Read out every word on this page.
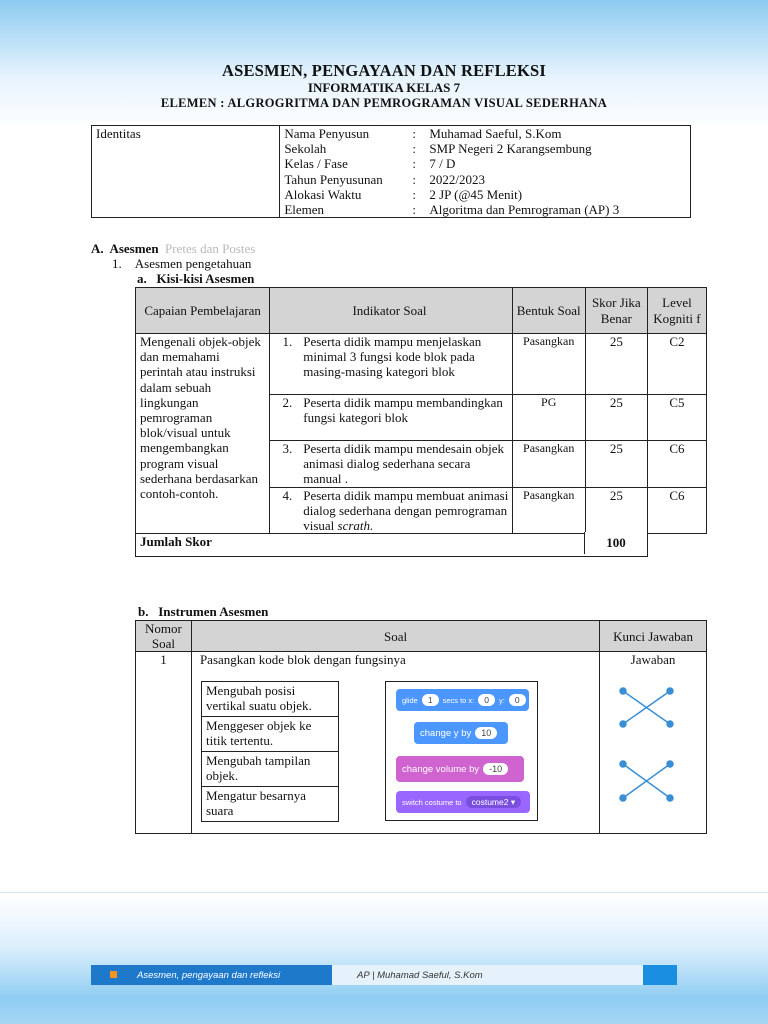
ASESMEN, PENGAYAAN DAN REFLEKSI
INFORMATIKA KELAS 7
ELEMEN : ALGROGRITMA DAN PEMROGRAMAN VISUAL SEDERHANA
Identitas	Nama Penyusun	:	Muhamad Saeful, S.Kom
Sekolah	:	SMP Negeri 2 Karangsembung
Kelas / Fase	:	7 / D
Tahun Penyusunan	:	2022/2023
Alokasi Waktu	:	2 JP (@45 Menit)
Elemen	:	Algoritma dan Pemrograman (AP) 3
A. Asesmen Pretes dan Postes
1. Asesmen pengetahuan
a. Kisi-kisi Asesmen
Capaian Pembelajaran	Indikator Soal	Bentuk Soal	Skor Jika Benar	Level Kogniti f
Mengenali objek-objek dan memahami perintah atau instruksi dalam sebuah lingkungan pemrograman blok/visual untuk mengembangkan program visual sederhana berdasarkan contoh-contoh.	1. Peserta didik mampu menjelaskan minimal 3 fungsi kode blok pada masing-masing kategori blok	Pasangkan	25	C2

	2. Peserta didik mampu membandingkan fungsi kategori blok	PG	25	C5

	3. Peserta didik mampu mendesain objek animasi dialog sederhana secara manual .	Pasangkan	25	C6

	4. Peserta didik mampu membuat animasi dialog sederhana dengan pemrograman visual scrath.	Pasangkan	25	C6
Jumlah Skor				100
b. Instrumen Asesmen
Nomor Soal	Soal	Kunci Jawaban
1	Pasangkan kode blok dengan fungsinya	Jawaban
Mengubah posisi vertikal suatu objek.
Menggeser objek ke titik tertentu.
Mengubah tampilan objek.
Mengatur besarnya suara
glide	1	secs to x:	0	y:	0
change y by	10
change volume by	-10
switch costume to	costume2 ▾
Asesmen, pengayaan dan refleksi	AP | Muhamad Saeful, S.Kom
